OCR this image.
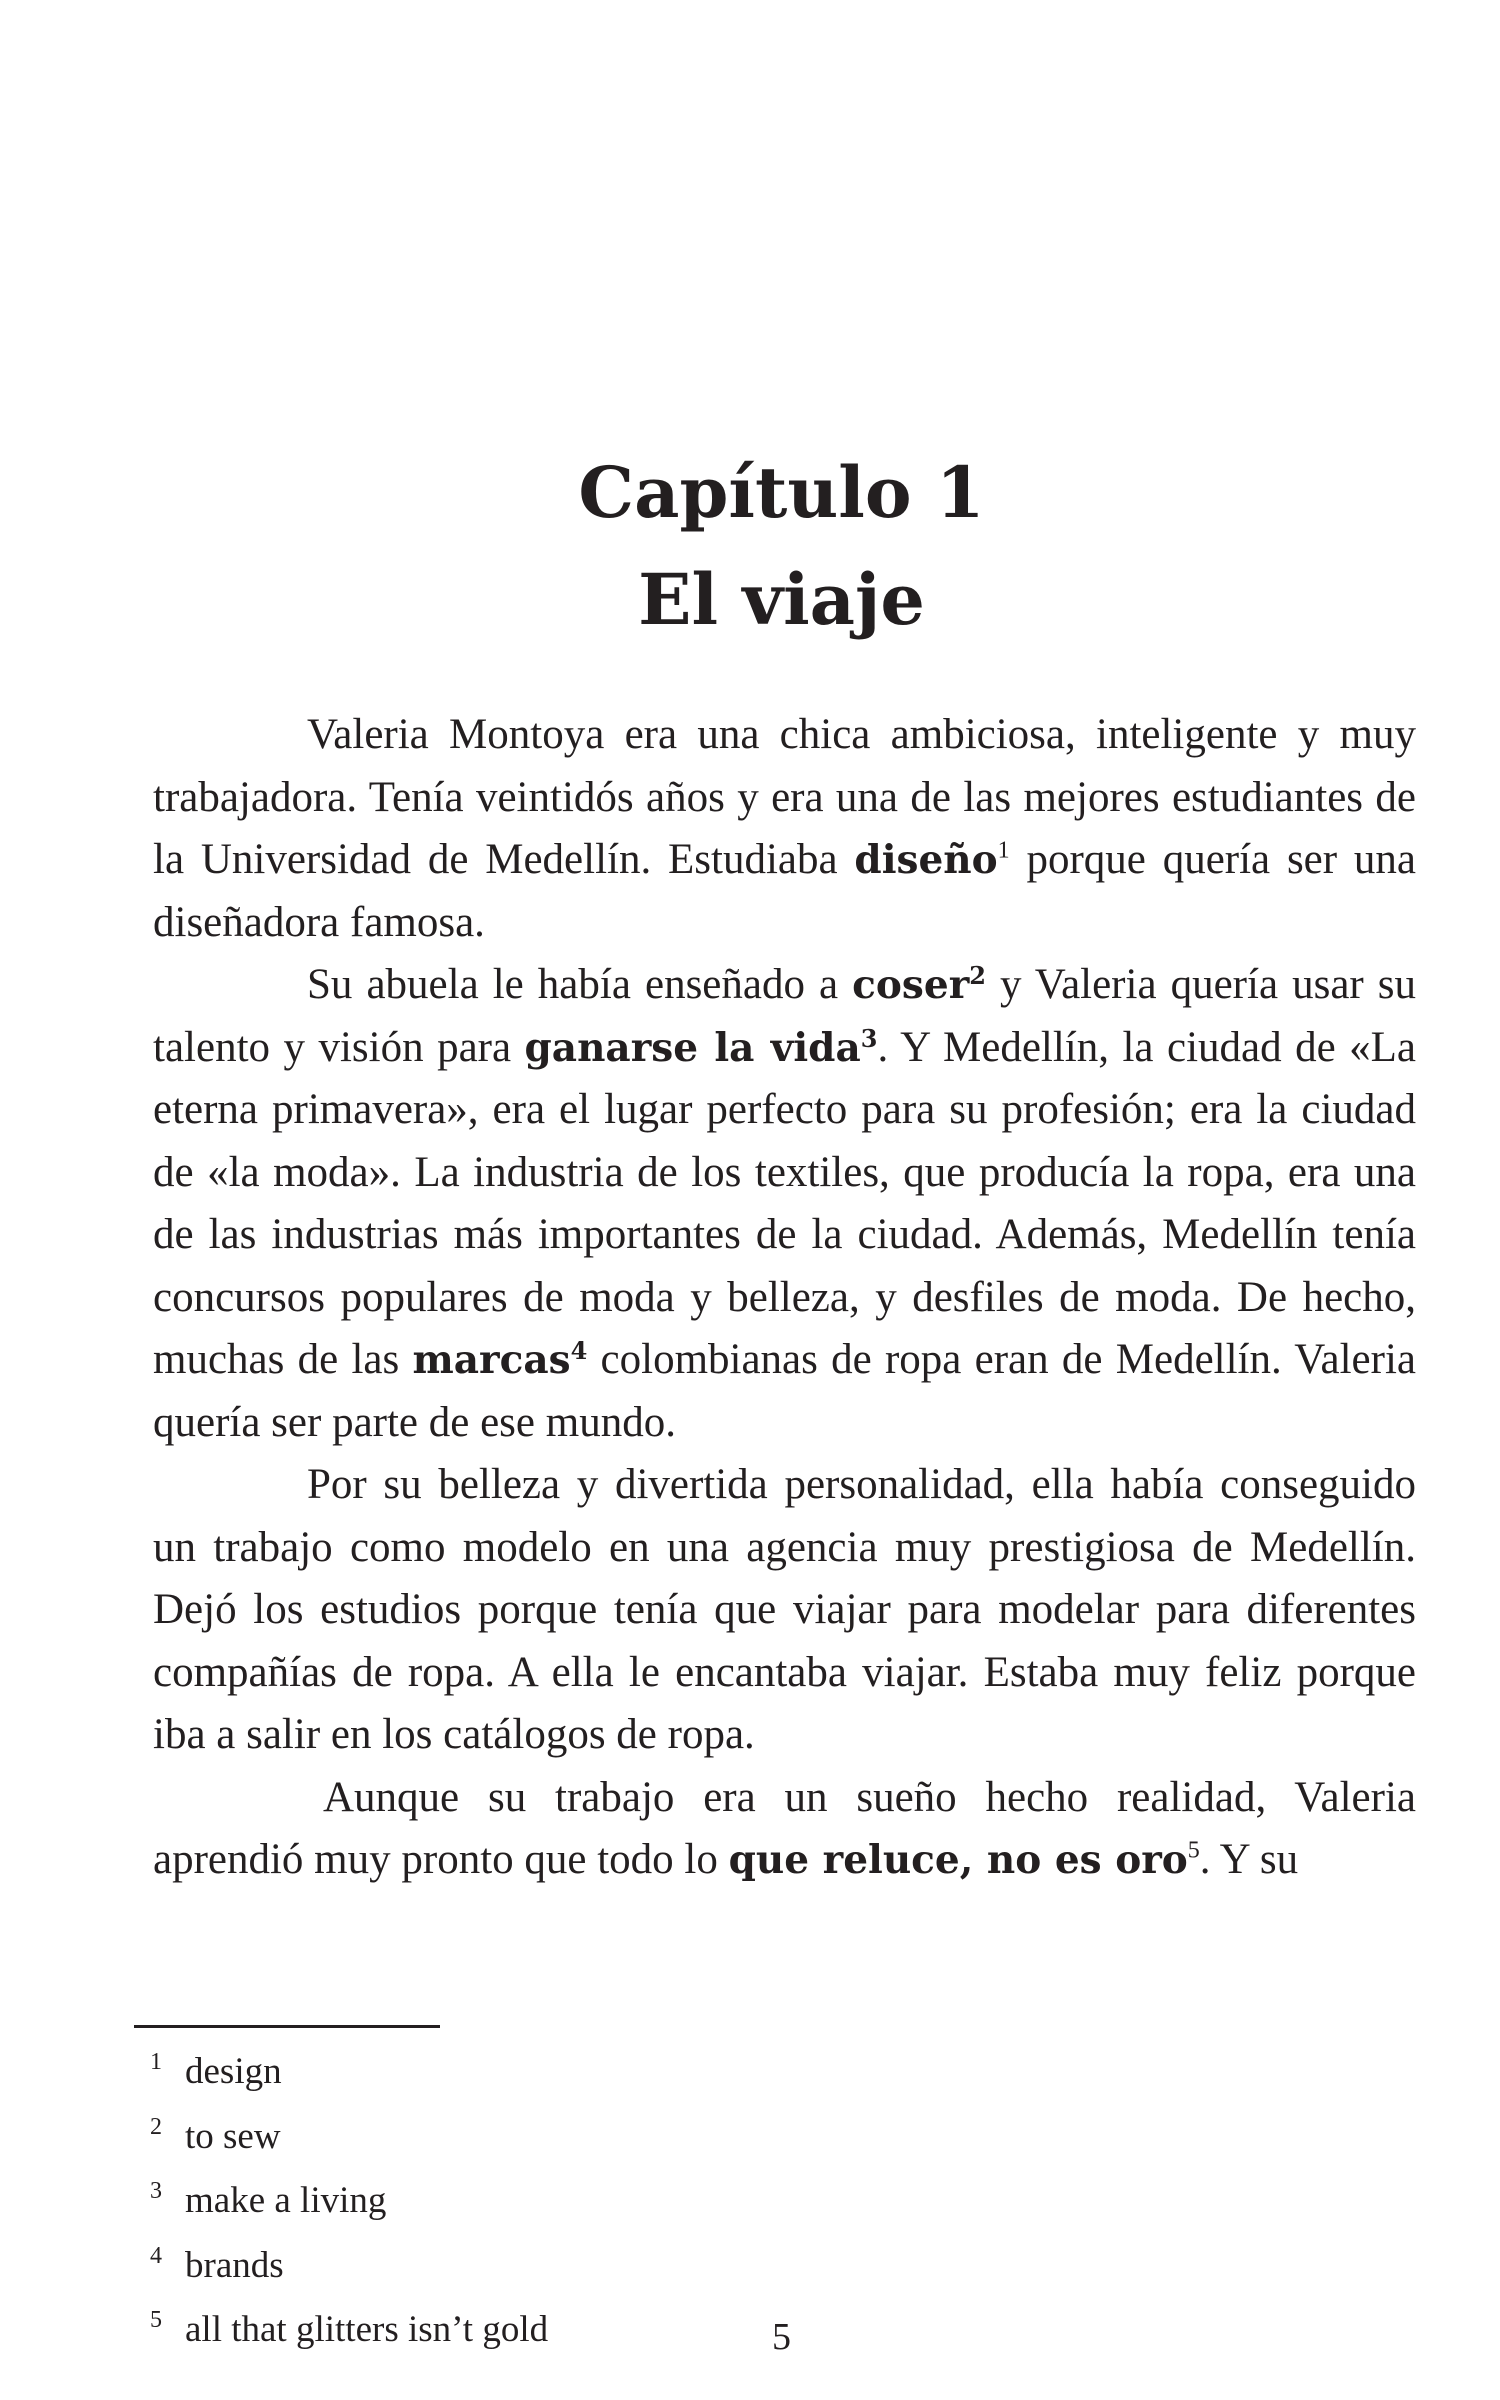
Capítulo 1
El viaje

Valeria Montoya era una chica ambiciosa, inteligente y muy trabajadora. Tenía veintidós años y era una de las mejores estudiantes de la Universidad de Medellín. Estudiaba diseño$^1$ porque quería ser una diseñadora famosa.

Su abuela le había enseñado a coser$^2$ y Valeria quería usar su talento y visión para ganarse la vida$^3$. Y Medellín, la ciudad de «La eterna primavera», era el lugar perfecto para su profesión; era la ciudad de «la moda». La industria de los textiles, que producía la ropa, era una de las industrias más importantes de la ciudad. Además, Medellín tenía concursos populares de moda y belleza, y desfiles de moda. De hecho, muchas de las marcas$^4$ colombianas de ropa eran de Medellín. Valeria quería ser parte de ese mundo.

Por su belleza y divertida personalidad, ella había conseguido un trabajo como modelo en una agencia muy prestigiosa de Medellín. Dejó los estudios porque tenía que viajar para modelar para diferentes compañías de ropa. A ella le encantaba viajar. Estaba muy feliz porque iba a salir en los catálogos de ropa.

Aunque su trabajo era un sueño hecho realidad, Valeria aprendió muy pronto que todo lo que reluce, no es oro$^5$. Y su

1 design
2 to sew
3 make a living
4 brands
5 all that glitters isn’t gold	5
